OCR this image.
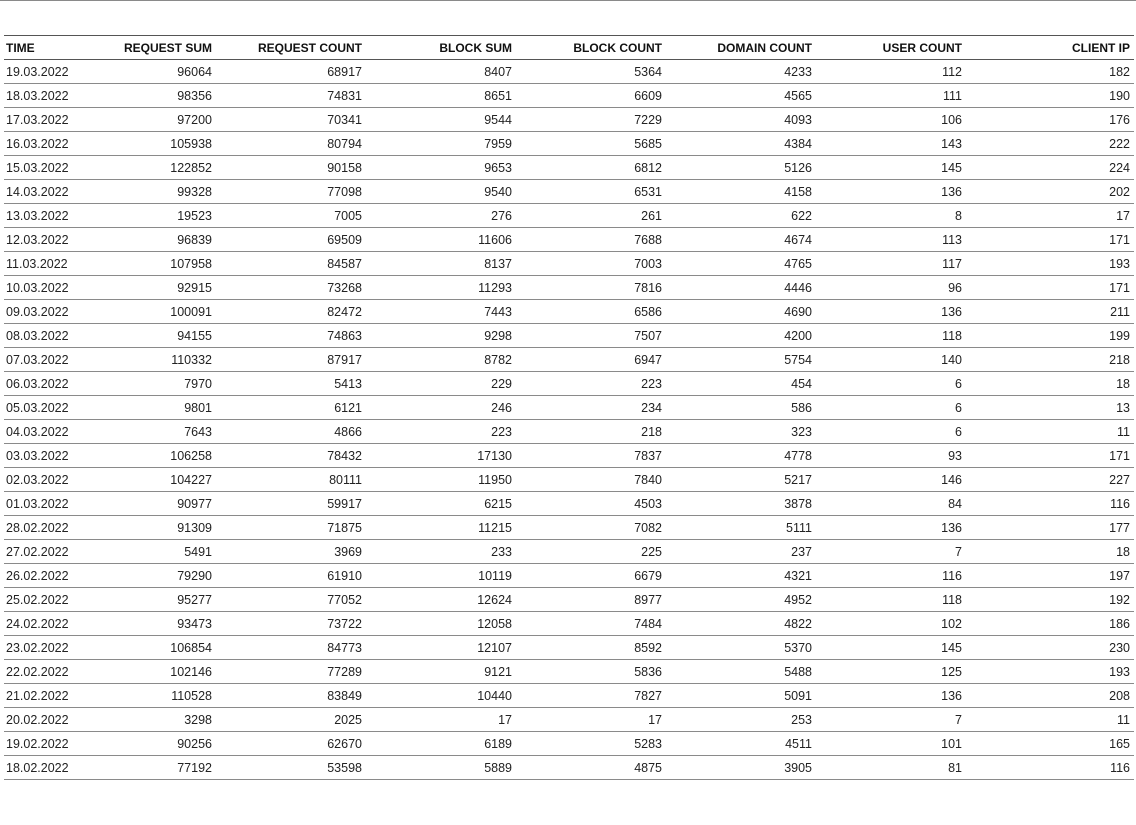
TIME	REQUEST SUM	REQUEST COUNT	BLOCK SUM	BLOCK COUNT	DOMAIN COUNT	USER COUNT	CLIENT IP
19.03.2022	96064	68917	8407	5364	4233	112	182
18.03.2022	98356	74831	8651	6609	4565	111	190
17.03.2022	97200	70341	9544	7229	4093	106	176
16.03.2022	105938	80794	7959	5685	4384	143	222
15.03.2022	122852	90158	9653	6812	5126	145	224
14.03.2022	99328	77098	9540	6531	4158	136	202
13.03.2022	19523	7005	276	261	622	8	17
12.03.2022	96839	69509	11606	7688	4674	113	171
11.03.2022	107958	84587	8137	7003	4765	117	193
10.03.2022	92915	73268	11293	7816	4446	96	171
09.03.2022	100091	82472	7443	6586	4690	136	211
08.03.2022	94155	74863	9298	7507	4200	118	199
07.03.2022	110332	87917	8782	6947	5754	140	218
06.03.2022	7970	5413	229	223	454	6	18
05.03.2022	9801	6121	246	234	586	6	13
04.03.2022	7643	4866	223	218	323	6	11
03.03.2022	106258	78432	17130	7837	4778	93	171
02.03.2022	104227	80111	11950	7840	5217	146	227
01.03.2022	90977	59917	6215	4503	3878	84	116
28.02.2022	91309	71875	11215	7082	5111	136	177
27.02.2022	5491	3969	233	225	237	7	18
26.02.2022	79290	61910	10119	6679	4321	116	197
25.02.2022	95277	77052	12624	8977	4952	118	192
24.02.2022	93473	73722	12058	7484	4822	102	186
23.02.2022	106854	84773	12107	8592	5370	145	230
22.02.2022	102146	77289	9121	5836	5488	125	193
21.02.2022	110528	83849	10440	7827	5091	136	208
20.02.2022	3298	2025	17	17	253	7	11
19.02.2022	90256	62670	6189	5283	4511	101	165
18.02.2022	77192	53598	5889	4875	3905	81	116
